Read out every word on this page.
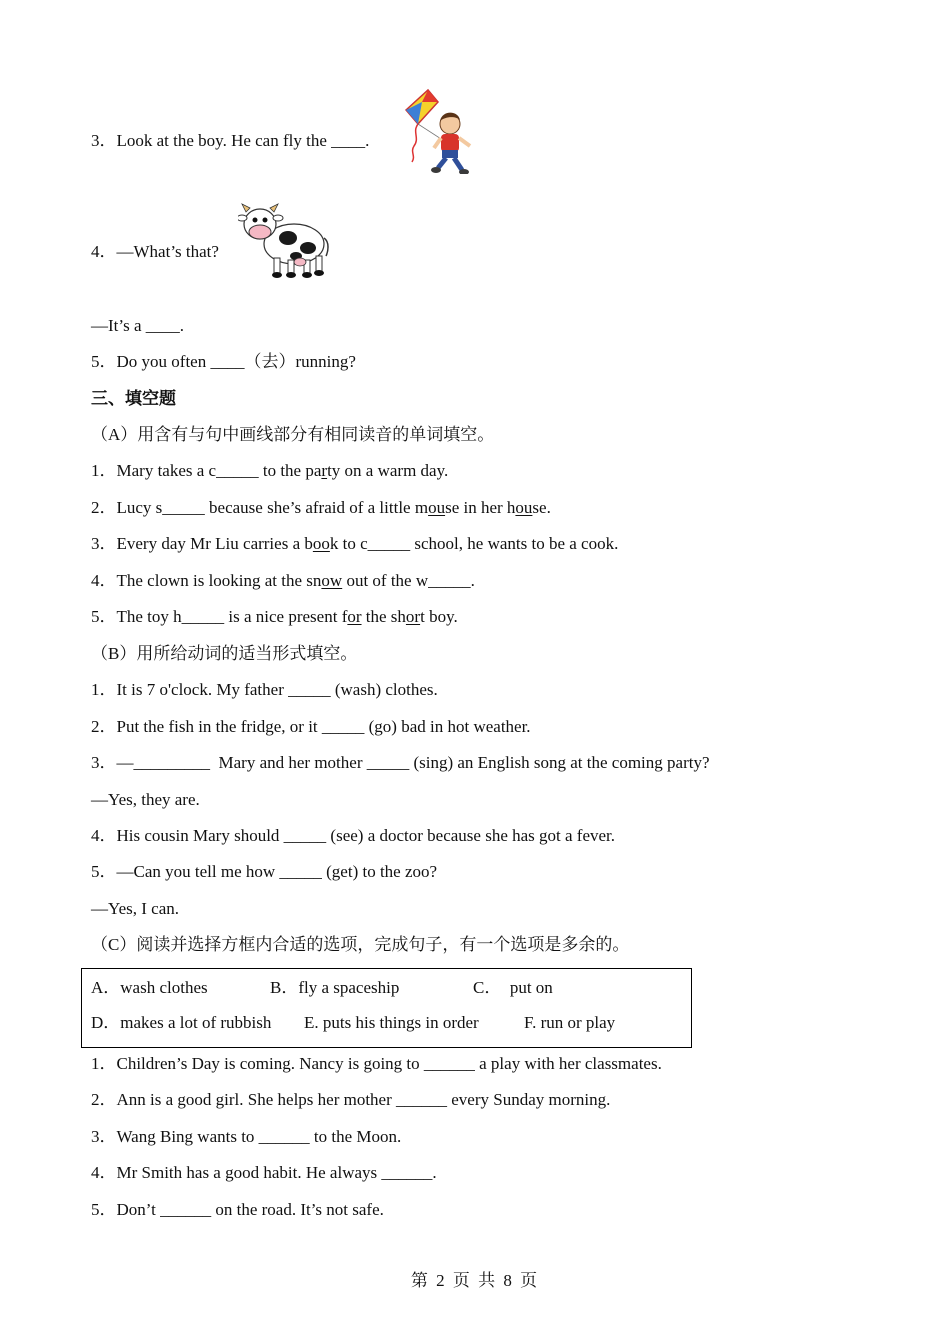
3．Look at the boy. He can fly the ____.
4．—What’s that?
—It’s a ____.
5．Do you often ____（去）running?
三、填空题
（A）用含有与句中画线部分有相同读音的单词填空。
1．Mary takes a c_____ to the party on a warm day.
2．Lucy s_____ because she’s afraid of a little mouse in her house.
3．Every day Mr Liu carries a book to c_____ school, he wants to be a cook.
4．The clown is looking at the snow out of the w_____.
5．The toy h_____ is a nice present for the short boy.
（B）用所给动词的适当形式填空。
1．It is 7 o'clock. My father _____ (wash) clothes.
2．Put the fish in the fridge, or it _____ (go) bad in hot weather.
3．—_________  Mary and her mother _____ (sing) an English song at the coming party?
—Yes, they are.
4．His cousin Mary should _____ (see) a doctor because she has got a fever.
5．—Can you tell me how _____ (get) to the zoo?
—Yes, I can.
（C）阅读并选择方框内合适的选项，完成句子，有一个选项是多余的。
A．wash clothes	B．fly a spaceship	C．  put on
D．makes a lot of rubbish E. puts his things in order	F. run or play
1．Children’s Day is coming. Nancy is going to ______ a play with her classmates.
2．Ann is a good girl. She helps her mother ______ every Sunday morning.
3．Wang Bing wants to ______ to the Moon.
4．Mr Smith has a good habit. He always ______.
5．Don’t ______ on the road. It’s not safe.
第 2 页 共 8 页
